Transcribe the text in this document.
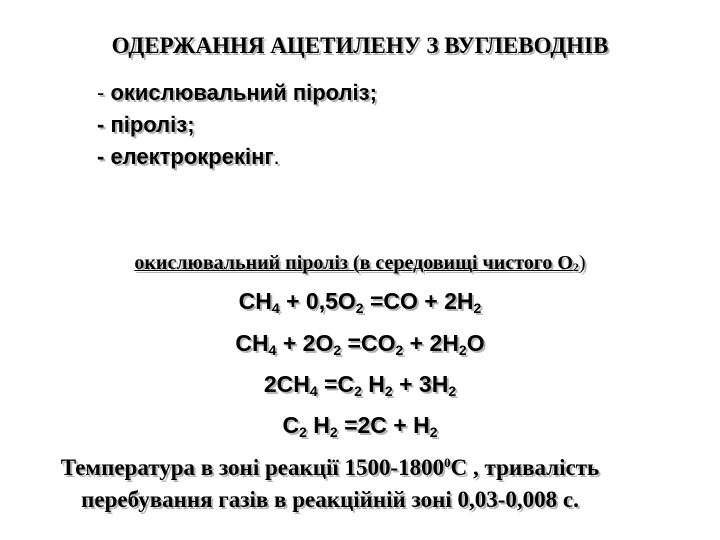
ОДЕРЖАННЯ АЦЕТИЛЕНУ З ВУГЛЕВОДНІВ
- окислювальний піроліз;
- піроліз;
- електрокрекінг.
окислювальний піроліз (в середовищі чистого О2)
$CH_4 + 0,5O_2 =CO + 2H_2$
$CH_4 + 2O_2 =CO_2 + 2H_2O$
$2CH_4 =C_2$ $H_2 + 3H_2$
$C_2$ $H_2 =2C + H_2$
Температура в зоні реакції 1500-1800$^0$С , тривалість
перебування газів в реакційній зоні 0,03-0,008 с.
